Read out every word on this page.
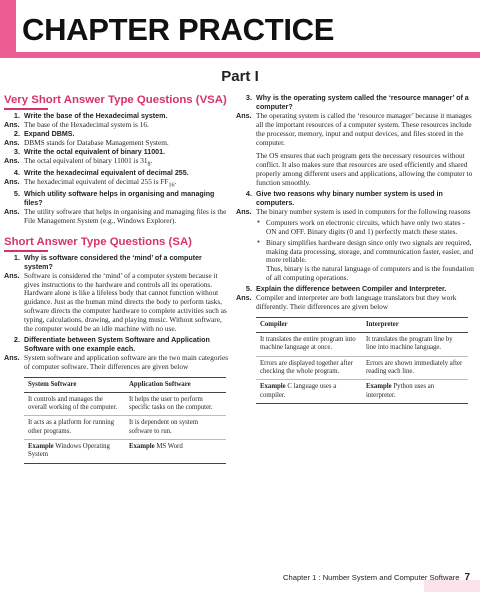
CHAPTER PRACTICE
Part I
Very Short Answer Type Questions (VSA)
1. Write the base of the Hexadecimal system.
Ans. The base of the Hexadecimal system is 16.
2. Expand DBMS.
Ans. DBMS stands for Database Management System.
3. Write the octal equivalent of binary 11001.
Ans. The octal equivalent of binary 11001 is $31_8$.
4. Write the hexadecimal equivalent of decimal 255.
Ans. The hexadecimal equivalent of decimal 255 is $FF_{16}$.
5. Which utility software helps in organising and managing files?
Ans. The utility software that helps in organising and managing files is the File Management System (e.g., Windows Explorer).
Short Answer Type Questions (SA)
1. Why is software considered the ‘mind’ of a computer system?
Ans. Software is considered the ‘mind’ of a computer system because it gives instructions to the hardware and controls all its operations. Hardware alone is like a lifeless body that cannot function without guidance. Just as the human mind directs the body to perform tasks, software directs the computer hardware to complete activities such as typing, calculations, drawing, and playing music. Without software, the computer would be an idle machine with no use.
2. Differentiate between System Software and Application Software with one example each.
Ans. System software and application software are the two main categories of computer software. Their differences are given below
System Software	Application Software
It controls and manages the overall working of the computer.	It helps the user to perform specific tasks on the computer.
It acts as a platform for running other programs.	It is dependent on system software to run.
Example Windows Operating System	Example MS Word
3. Why is the operating system called the ‘resource manager’ of a computer?
Ans. The operating system is called the ‘resource manager’ because it manages all the important resources of a computer system. These resources include the processor, memory, input and output devices, and files stored in the computer.
The OS ensures that each program gets the necessary resources without conflict. It also makes sure that resources are used efficiently and shared properly among different users and applications, allowing the computer to function smoothly.
4. Give two reasons why binary number system is used in computers.
Ans. The binary number system is used in computers for the following reasons
● Computers work on electronic circuits, which have only two states - ON and OFF. Binary digits (0 and 1) perfectly match these states.
● Binary simplifies hardware design since only two signals are required, making data processing, storage, and communication faster, easier, and more reliable.
Thus, binary is the natural language of computers and is the foundation of all computing operations.
5. Explain the difference between Compiler and Interpreter.
Ans. Compiler and interpreter are both language translators but they work differently. Their differences are given below
Compiler	Interpreter
It translates the entire program into machine language at once.	It translates the program line by line into machine language.
Errors are displayed together after checking the whole program.	Errors are shown immediately after reading each line.
Example C language uses a compiler.	Example Python uses an interpreter.
Chapter 1 : Number System and Computer Software 7
